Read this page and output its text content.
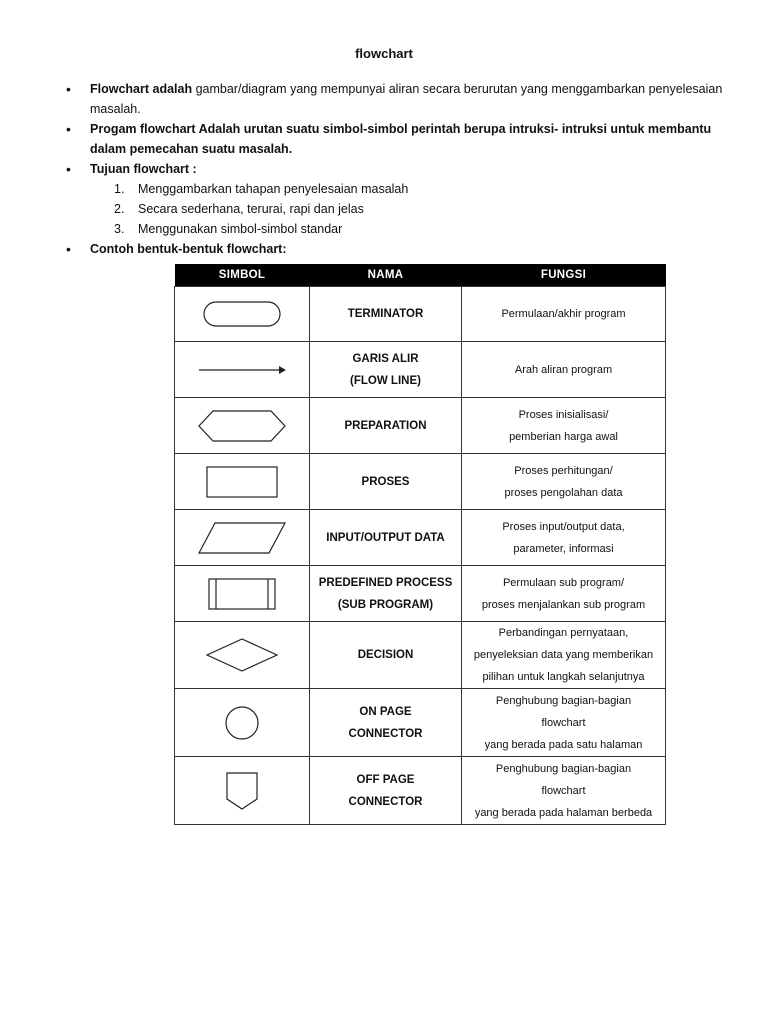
flowchart
• Flowchart adalah gambar/diagram yang mempunyai aliran secara berurutan yang menggambarkan penyelesaian masalah.
• Progam flowchart Adalah urutan suatu simbol-simbol perintah berupa intruksi- intruksi untuk membantu dalam pemecahan suatu masalah.
• Tujuan flowchart :
1. Menggambarkan tahapan penyelesaian masalah
2. Secara sederhana, terurai, rapi dan jelas
3. Menggunakan simbol-simbol standar
• Contoh bentuk-bentuk flowchart:
SIMBOL	NAMA	FUNGSI

TERMINATOR	Permulaan/akhir program

GARIS ALIR
(FLOW LINE)	Arah aliran program

PREPARATION	Proses inisialisasi/
pemberian harga awal

PROSES	Proses perhitungan/
proses pengolahan data

INPUT/OUTPUT DATA	Proses input/output data,
parameter, informasi

PREDEFINED PROCESS
(SUB PROGRAM)	Permulaan sub program/
proses menjalankan sub program

DECISION	Perbandingan pernyataan,
penyeleksian data yang memberikan
pilihan untuk langkah selanjutnya

ON PAGE
CONNECTOR	Penghubung bagian-bagian
flowchart
yang berada pada satu halaman

OFF PAGE
CONNECTOR	Penghubung bagian-bagian
flowchart
yang berada pada halaman berbeda
